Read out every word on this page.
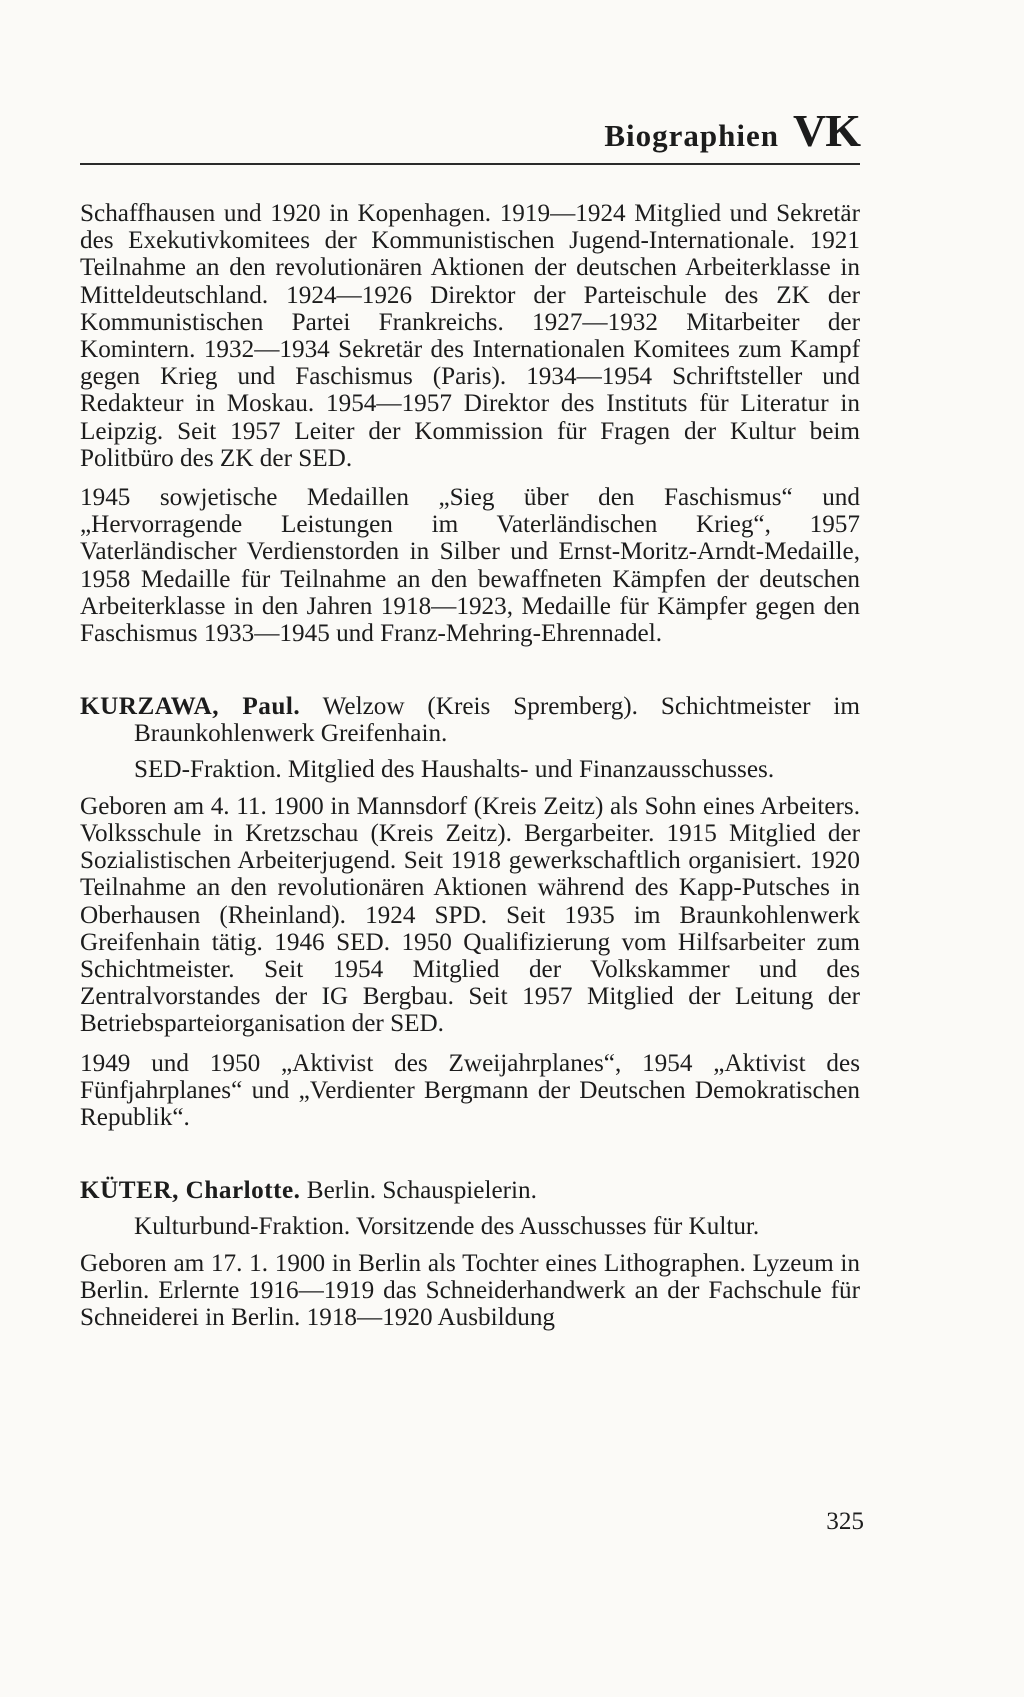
Biographien VK

Schaffhausen und 1920 in Kopenhagen. 1919—1924 Mitglied und Sekretär des Exekutivkomitees der Kommunistischen Jugend-Internationale. 1921 Teilnahme an den revolutionären Aktionen der deutschen Arbeiterklasse in Mitteldeutschland. 1924—1926 Direktor der Parteischule des ZK der Kommunistischen Partei Frankreichs. 1927—1932 Mitarbeiter der Komintern. 1932—1934 Sekretär des Internationalen Komitees zum Kampf gegen Krieg und Faschismus (Paris). 1934—1954 Schriftsteller und Redakteur in Moskau. 1954—1957 Direktor des Instituts für Literatur in Leipzig. Seit 1957 Leiter der Kommission für Fragen der Kultur beim Politbüro des ZK der SED.

1945 sowjetische Medaillen „Sieg über den Faschismus“ und „Hervorragende Leistungen im Vaterländischen Krieg“, 1957 Vaterländischer Verdienstorden in Silber und Ernst-Moritz-Arndt-Medaille, 1958 Medaille für Teilnahme an den bewaffneten Kämpfen der deutschen Arbeiterklasse in den Jahren 1918—1923, Medaille für Kämpfer gegen den Faschismus 1933—1945 und Franz-Mehring-Ehrennadel.

KURZAWA, Paul. Welzow (Kreis Spremberg). Schichtmeister im Braunkohlenwerk Greifenhain.

SED-Fraktion. Mitglied des Haushalts- und Finanzausschusses.

Geboren am 4. 11. 1900 in Mannsdorf (Kreis Zeitz) als Sohn eines Arbeiters. Volksschule in Kretzschau (Kreis Zeitz). Bergarbeiter. 1915 Mitglied der Sozialistischen Arbeiterjugend. Seit 1918 gewerkschaftlich organisiert. 1920 Teilnahme an den revolutionären Aktionen während des Kapp-Putsches in Oberhausen (Rheinland). 1924 SPD. Seit 1935 im Braunkohlenwerk Greifenhain tätig. 1946 SED. 1950 Qualifizierung vom Hilfsarbeiter zum Schichtmeister. Seit 1954 Mitglied der Volkskammer und des Zentralvorstandes der IG Bergbau. Seit 1957 Mitglied der Leitung der Betriebsparteiorganisation der SED.

1949 und 1950 „Aktivist des Zweijahrplanes“, 1954 „Aktivist des Fünfjahrplanes“ und „Verdienter Bergmann der Deutschen Demokratischen Republik“.

KÜTER, Charlotte. Berlin. Schauspielerin.

Kulturbund-Fraktion. Vorsitzende des Ausschusses für Kultur.

Geboren am 17. 1. 1900 in Berlin als Tochter eines Lithographen. Lyzeum in Berlin. Erlernte 1916—1919 das Schneiderhandwerk an der Fachschule für Schneiderei in Berlin. 1918—1920 Ausbildung

325
